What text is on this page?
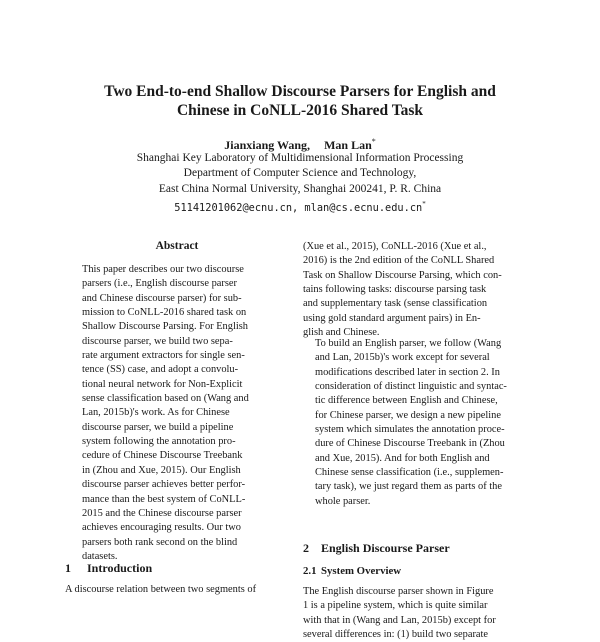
Two End-to-end Shallow Discourse Parsers for English and
Chinese in CoNLL-2016 Shared Task
Jianxiang Wang, Man Lan*
Shanghai Key Laboratory of Multidimensional Information Processing
Department of Computer Science and Technology,
East China Normal University, Shanghai 200241, P. R. China
51141201062@ecnu.cn, mlan@cs.ecnu.edu.cn*
Abstract
This paper describes our two discourse
parsers (i.e., English discourse parser
and Chinese discourse parser) for sub-
mission to CoNLL-2016 shared task on
Shallow Discourse Parsing. For English
discourse parser, we build two sepa-
rate argument extractors for single sen-
tence (SS) case, and adopt a convolu-
tional neural network for Non-Explicit
sense classification based on (Wang and
Lan, 2015b)'s work. As for Chinese
discourse parser, we build a pipeline
system following the annotation pro-
cedure of Chinese Discourse Treebank
in (Zhou and Xue, 2015). Our English
discourse parser achieves better perfor-
mance than the best system of CoNLL-
2015 and the Chinese discourse parser
achieves encouraging results. Our two
parsers both rank second on the blind
datasets.
1 Introduction
A discourse relation between two segments of
(Xue et al., 2015), CoNLL-2016 (Xue et al.,
2016) is the 2nd edition of the CoNLL Shared
Task on Shallow Discourse Parsing, which con-
tains following tasks: discourse parsing task
and supplementary task (sense classification
using gold standard argument pairs) in En-
glish and Chinese.
To build an English parser, we follow (Wang
and Lan, 2015b)'s work except for several
modifications described later in section 2. In
consideration of distinct linguistic and syntac-
tic difference between English and Chinese,
for Chinese parser, we design a new pipeline
system which simulates the annotation proce-
dure of Chinese Discourse Treebank in (Zhou
and Xue, 2015). And for both English and
Chinese sense classification (i.e., supplemen-
tary task), we just regard them as parts of the
whole parser.
2 English Discourse Parser
2.1 System Overview
The English discourse parser shown in Figure
1 is a pipeline system, which is quite similar
with that in (Wang and Lan, 2015b) except for
several differences in: (1) build two separate
